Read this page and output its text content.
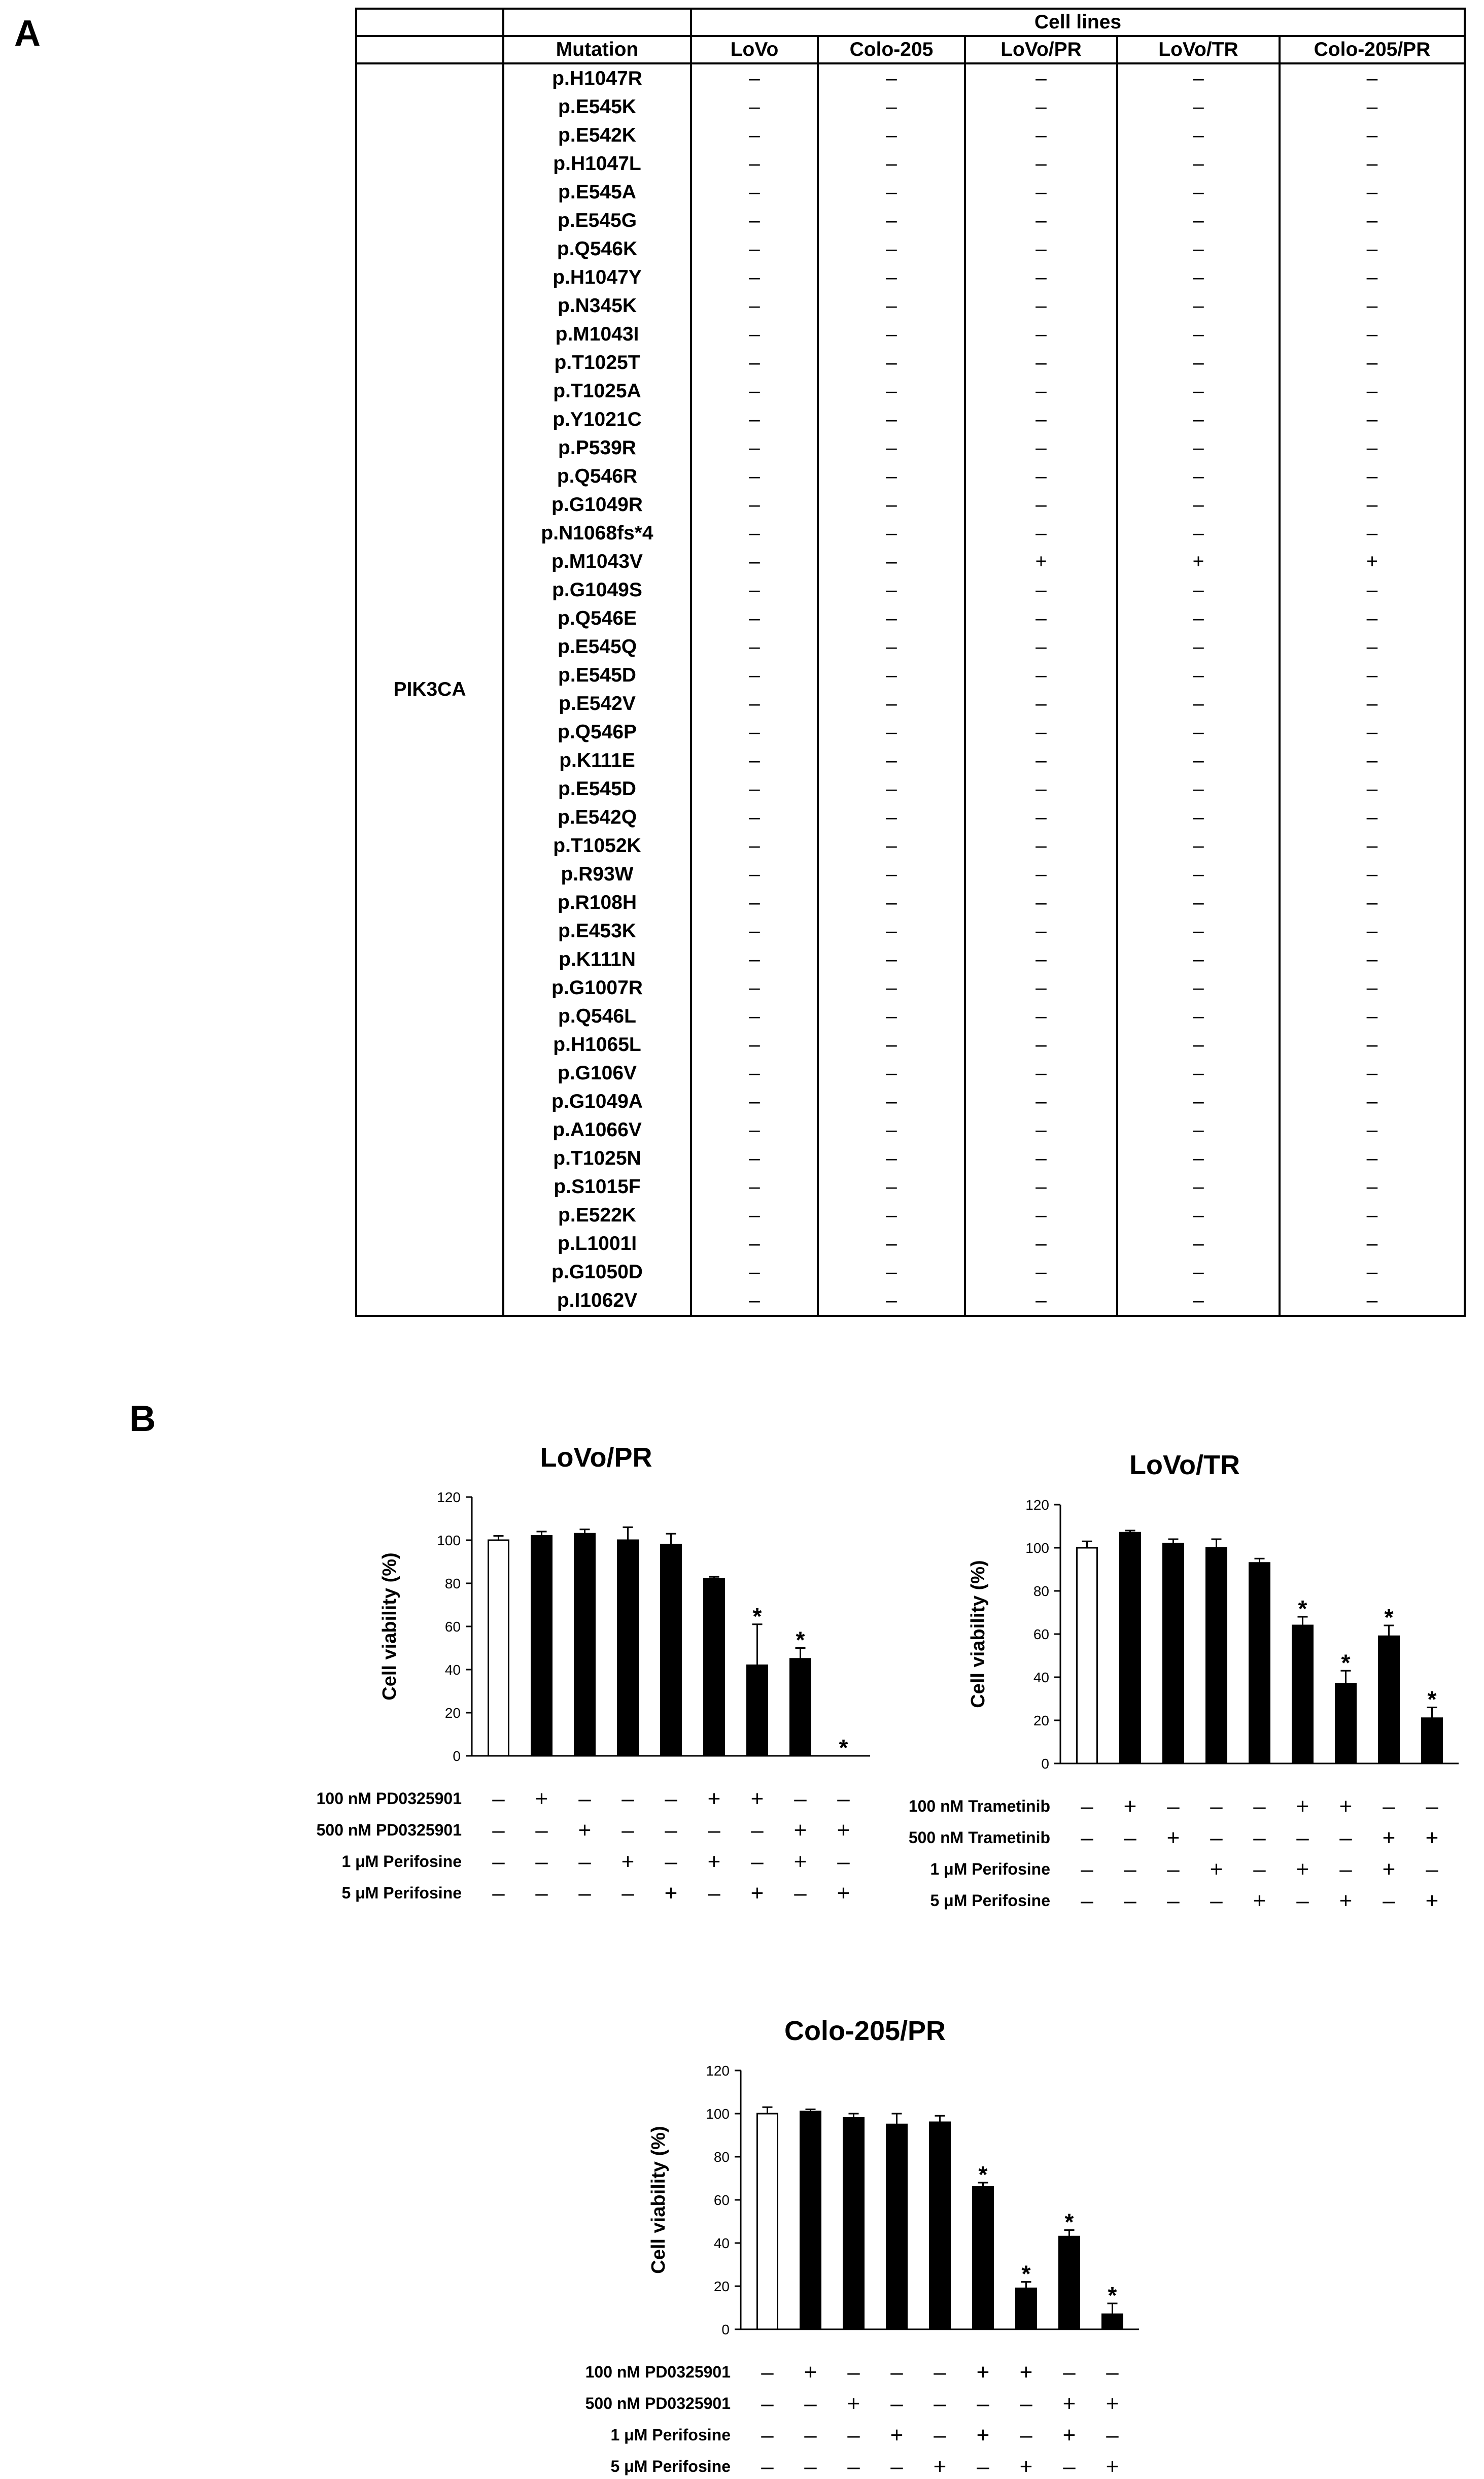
A
B
		Cell lines				
	Mutation	LoVo	Colo-205	LoVo/PR	LoVo/TR	Colo-205/PR
PIK3CA	p.H1047R	–	–	–	–	–
	p.E545K	–	–	–	–	–
	p.E542K	–	–	–	–	–
	p.H1047L	–	–	–	–	–
	p.E545A	–	–	–	–	–
	p.E545G	–	–	–	–	–
	p.Q546K	–	–	–	–	–
	p.H1047Y	–	–	–	–	–
	p.N345K	–	–	–	–	–
	p.M1043I	–	–	–	–	–
	p.T1025T	–	–	–	–	–
	p.T1025A	–	–	–	–	–
	p.Y1021C	–	–	–	–	–
	p.P539R	–	–	–	–	–
	p.Q546R	–	–	–	–	–
	p.G1049R	–	–	–	–	–
	p.N1068fs*4	–	–	–	–	–
	p.M1043V	–	–	+	+	+
	p.G1049S	–	–	–	–	–
	p.Q546E	–	–	–	–	–
	p.E545Q	–	–	–	–	–
	p.E545D	–	–	–	–	–
	p.E542V	–	–	–	–	–
	p.Q546P	–	–	–	–	–
	p.K111E	–	–	–	–	–
	p.E545D	–	–	–	–	–
	p.E542Q	–	–	–	–	–
	p.T1052K	–	–	–	–	–
	p.R93W	–	–	–	–	–
	p.R108H	–	–	–	–	–
	p.E453K	–	–	–	–	–
	p.K111N	–	–	–	–	–
	p.G1007R	–	–	–	–	–
	p.Q546L	–	–	–	–	–
	p.H1065L	–	–	–	–	–
	p.G106V	–	–	–	–	–
	p.G1049A	–	–	–	–	–
	p.A1066V	–	–	–	–	–
	p.T1025N	–	–	–	–	–
	p.S1015F	–	–	–	–	–
	p.E522K	–	–	–	–	–
	p.L1001I	–	–	–	–	–
	p.G1050D	–	–	–	–	–
	p.I1062V	–	–	–	–	–
LoVo/PR
Cell viability (%)
0
20
40
60
80
100
120
*
*
*
100 nM PD0325901 – + – – – + + – –
500 nM PD0325901 – – + – – – – + +
1 μM Perifosine – – – + – + – + –
5 μM Perifosine – – – – + – + – +
LoVo/TR
Cell viability (%)
0
20
40
60
80
100
120
*
*
*
*
100 nM Trametinib – + – – – + + – –
500 nM Trametinib – – + – – – – + +
1 μM Perifosine – – – + – + – + –
5 μM Perifosine – – – – + – + – +
Colo-205/PR
Cell viability (%)
0
20
40
60
80
100
120
*
*
*
*
100 nM PD0325901 – + – – – + + – –
500 nM PD0325901 – – + – – – – + +
1 μM Perifosine – – – + – + – + –
5 μM Perifosine – – – – + – + – +
